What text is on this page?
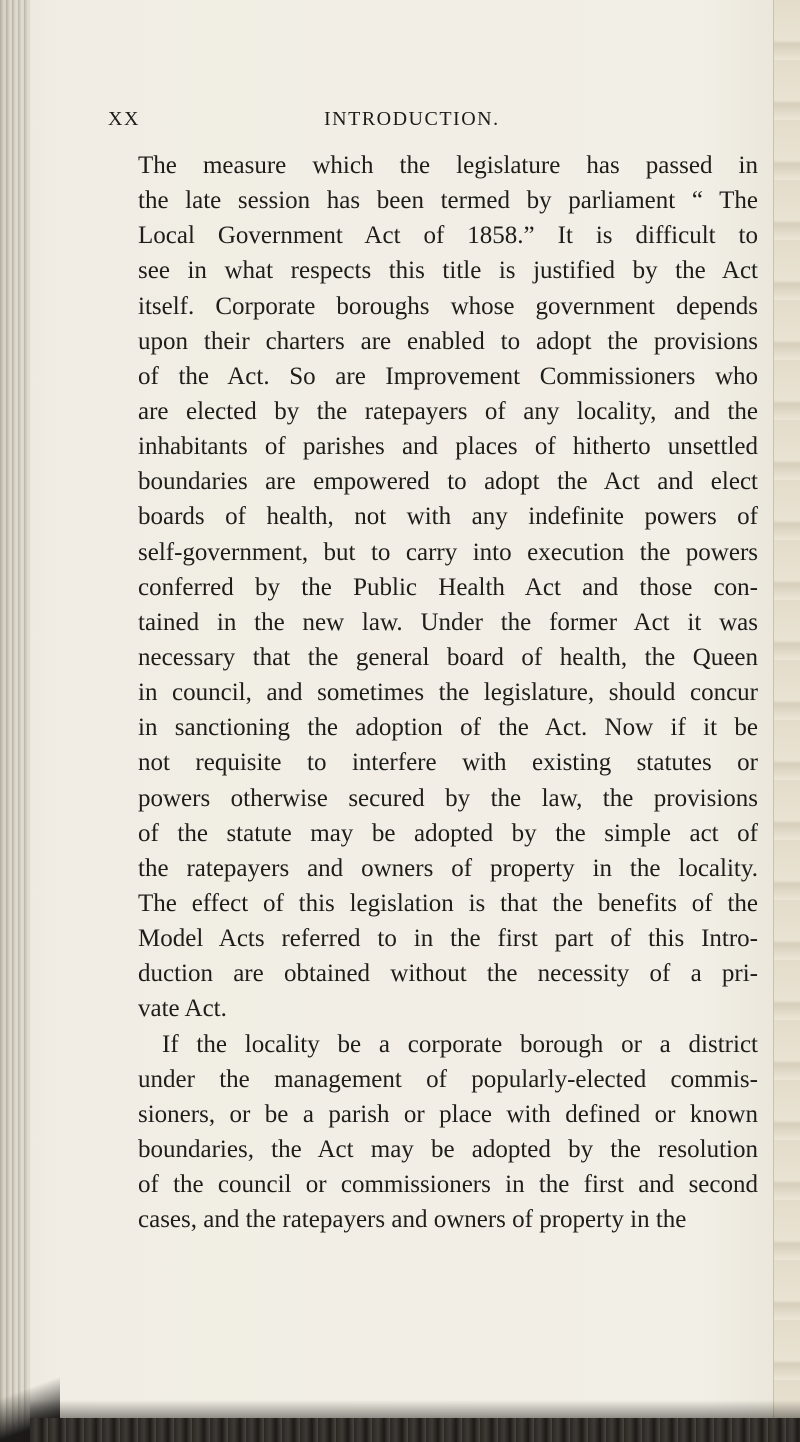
XX	INTRODUCTION.
The measure which the legislature has passed in
the late session has been termed by parliament “ The
Local Government Act of 1858.” It is difficult to
see in what respects this title is justified by the Act
itself. Corporate boroughs whose government depends
upon their charters are enabled to adopt the provisions
of the Act. So are Improvement Commissioners who
are elected by the ratepayers of any locality, and the
inhabitants of parishes and places of hitherto unsettled
boundaries are empowered to adopt the Act and elect
boards of health, not with any indefinite powers of
self-government, but to carry into execution the powers
conferred by the Public Health Act and those con-
tained in the new law. Under the former Act it was
necessary that the general board of health, the Queen
in council, and sometimes the legislature, should concur
in sanctioning the adoption of the Act. Now if it be
not requisite to interfere with existing statutes or
powers otherwise secured by the law, the provisions
of the statute may be adopted by the simple act of
the ratepayers and owners of property in the locality.
The effect of this legislation is that the benefits of the
Model Acts referred to in the first part of this Intro-
duction are obtained without the necessity of a pri-
vate Act.
If the locality be a corporate borough or a district
under the management of popularly-elected commis-
sioners, or be a parish or place with defined or known
boundaries, the Act may be adopted by the resolution
of the council or commissioners in the first and second
cases, and the ratepayers and owners of property in the
